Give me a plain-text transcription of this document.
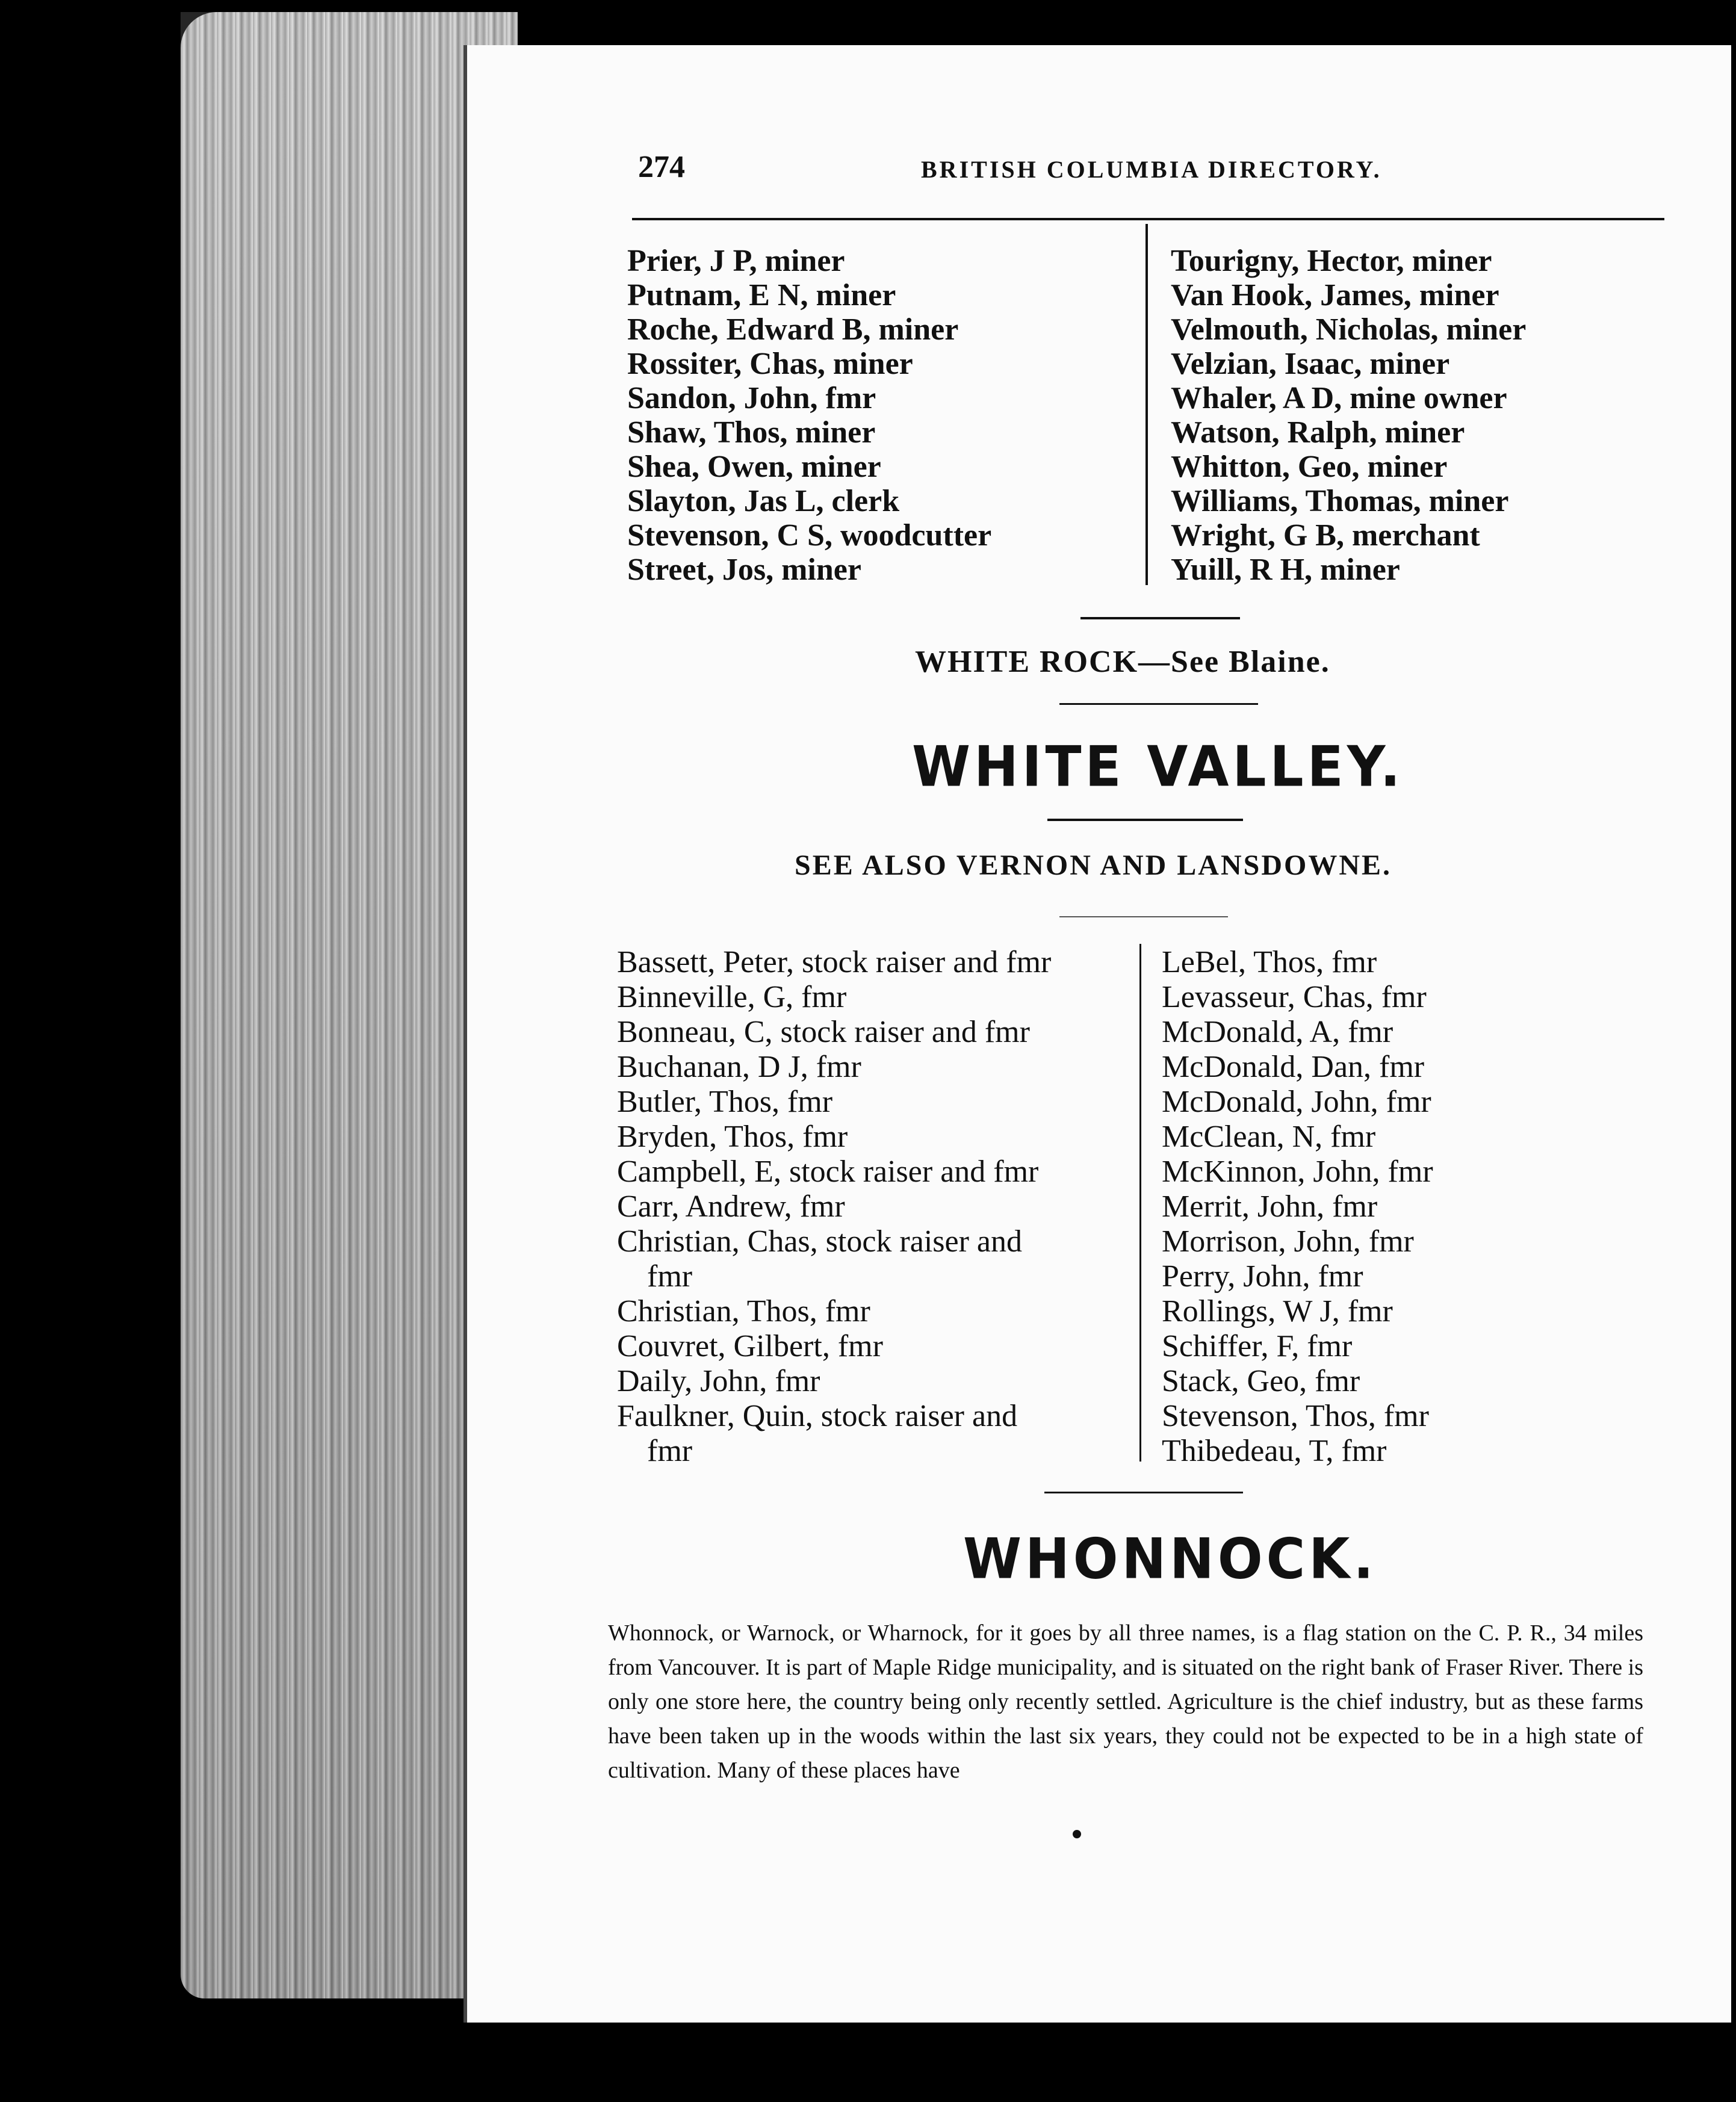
274	BRITISH COLUMBIA DIRECTORY.
Prier, J P, miner
Putnam, E N, miner
Roche, Edward B, miner
Rossiter, Chas, miner
Sandon, John, fmr
Shaw, Thos, miner
Shea, Owen, miner
Slayton, Jas L, clerk
Stevenson, C S, woodcutter
Street, Jos, miner
Tourigny, Hector, miner
Van Hook, James, miner
Velmouth, Nicholas, miner
Velzian, Isaac, miner
Whaler, A D, mine owner
Watson, Ralph, miner
Whitton, Geo, miner
Williams, Thomas, miner
Wright, G B, merchant
Yuill, R H, miner
WHITE ROCK—See Blaine.
WHITE VALLEY.
SEE ALSO VERNON AND LANSDOWNE.
Bassett, Peter, stock raiser and fmr
Binneville, G, fmr
Bonneau, C, stock raiser and fmr
Buchanan, D J, fmr
Butler, Thos, fmr
Bryden, Thos, fmr
Campbell, E, stock raiser and fmr
Carr, Andrew, fmr
Christian, Chas, stock raiser and
fmr
Christian, Thos, fmr
Couvret, Gilbert, fmr
Daily, John, fmr
Faulkner, Quin, stock raiser and
fmr
LeBel, Thos, fmr
Levasseur, Chas, fmr
McDonald, A, fmr
McDonald, Dan, fmr
McDonald, John, fmr
McClean, N, fmr
McKinnon, John, fmr
Merrit, John, fmr
Morrison, John, fmr
Perry, John, fmr
Rollings, W J, fmr
Schiffer, F, fmr
Stack, Geo, fmr
Stevenson, Thos, fmr
Thibedeau, T, fmr
WHONNOCK.
Whonnock, or Warnock, or Wharnock, for it goes by all three names, is a flag station on the C. P. R., 34 miles from Vancouver. It is part of Maple Ridge municipality, and is situated on the right bank of Fraser River. There is only one store here, the country being only recently settled. Agriculture is the chief industry, but as these farms have been taken up in the woods within the last six years, they could not be expected to be in a high state of cultivation. Many of these places have
